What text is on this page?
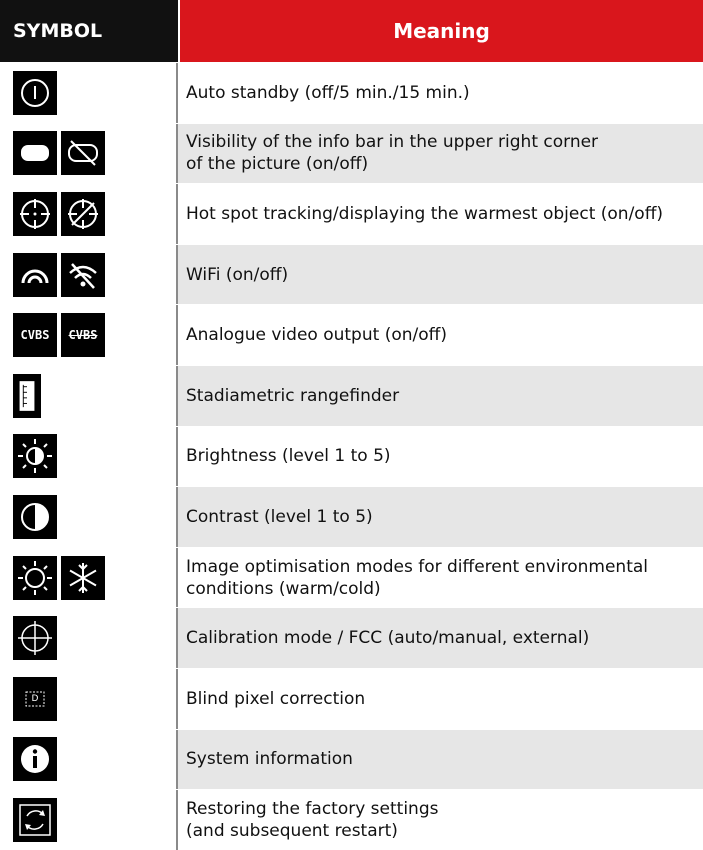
SYMBOL	Meaning
Auto standby (off/5 min./15 min.)
Visibility of the info bar in the upper right corner
of the picture (on/off)
Hot spot tracking/displaying the warmest object (on/off)
WiFi (on/off)
CVBS	CVBS	Analogue video output (on/off)
Stadiametric rangefinder
Brightness (level 1 to 5)
Contrast (level 1 to 5)
Image optimisation modes for different environmental
conditions (warm/cold)
Calibration mode / FCC (auto/manual, external)
D	Blind pixel correction
System information
Restoring the factory settings
(and subsequent restart)
